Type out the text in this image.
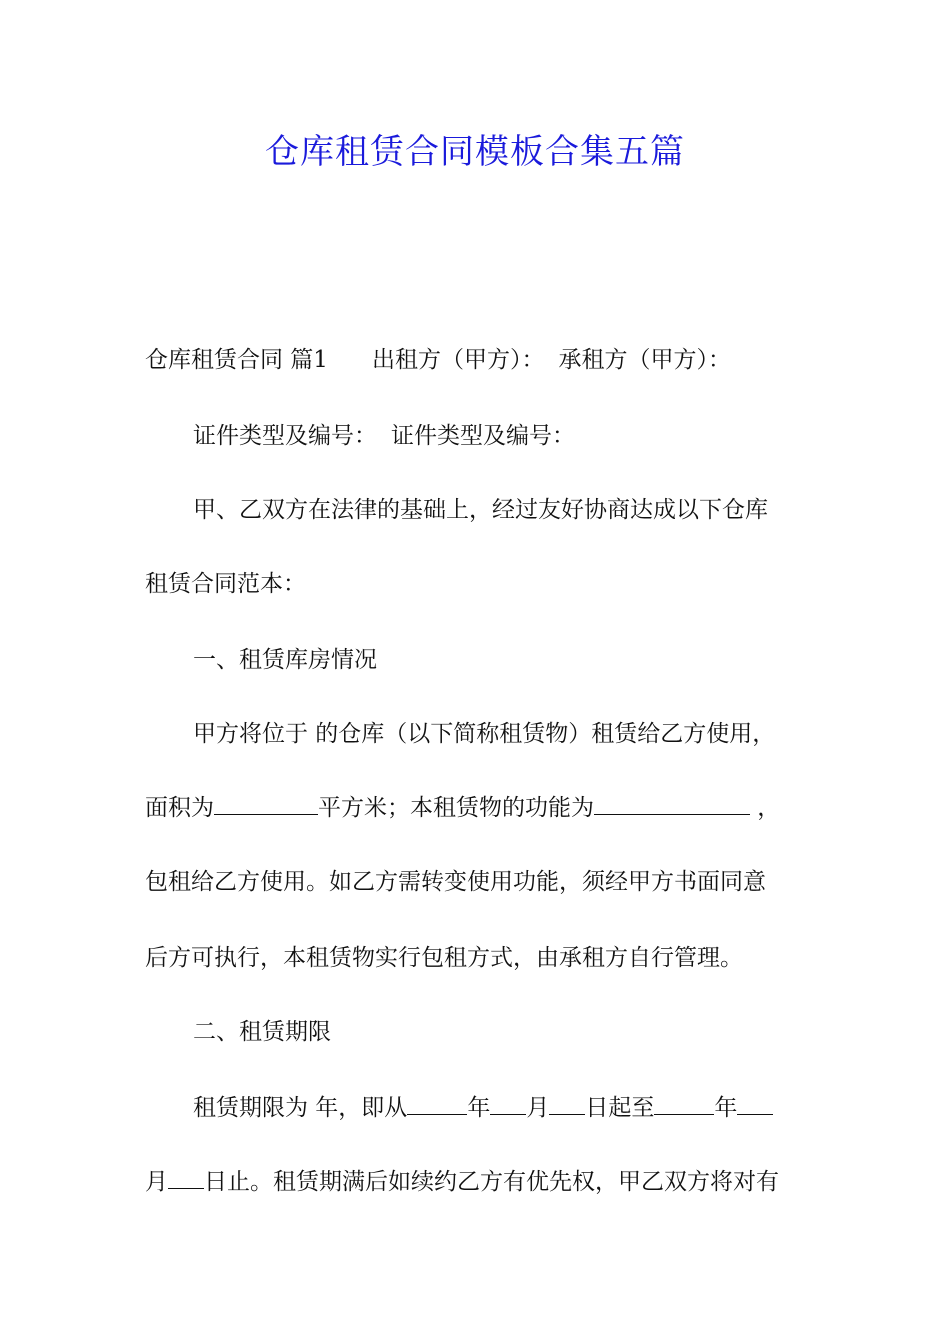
仓库租赁合同模板合集五篇
仓库租赁合同 篇1 出租方（甲方）： 承租方（甲方）：
证件类型及编号： 证件类型及编号：
甲、乙双方在法律的基础上，经过友好协商达成以下仓库
租赁合同范本：
一、租赁库房情况
甲方将位于 的仓库（以下简称租赁物）租赁给乙方使用，
面积为	平方米；本租赁物的功能为	，
包租给乙方使用。如乙方需转变使用功能，须经甲方书面同意
后方可执行，本租赁物实行包租方式，由承租方自行管理。
二、租赁期限
租赁期限为 年，即从	年 月 日起至	年
月 日止。租赁期满后如续约乙方有优先权，甲乙双方将对有
